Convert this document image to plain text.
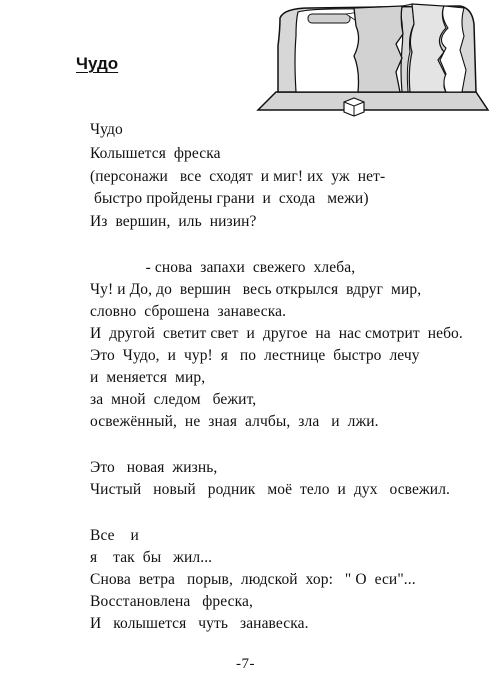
Чудо

Чудо

Колышется  фреска

(персонажи   все  сходят  и миг! их  уж  нет-

быстро пройдены грани  и  схода   межи)

Из  вершин,  иль  низин?

- снова  запахи  свежего  хлеба,

Чу! и До, до  вершин   весь открылся  вдруг  мир,

словно  сброшена  занавеска.

И  другой  светит свет  и  другое  на  нас смотрит  небо.

Это  Чудо,  и  чур!  я   по  лестнице  быстро  лечу

и  меняется  мир,

за  мной  следом   бежит,

освежённый,  не  зная  алчбы,  зла   и  лжи.

Это   новая  жизнь,

Чистый   новый   родник   моё  тело  и  дух   освежил.

Все    и

я    так  бы   жил...

Снова  ветра   порыв,  людской  хор:   " О  еси"...

Восстановлена   фреска,

И   колышется   чуть   занавеска.

-7-
